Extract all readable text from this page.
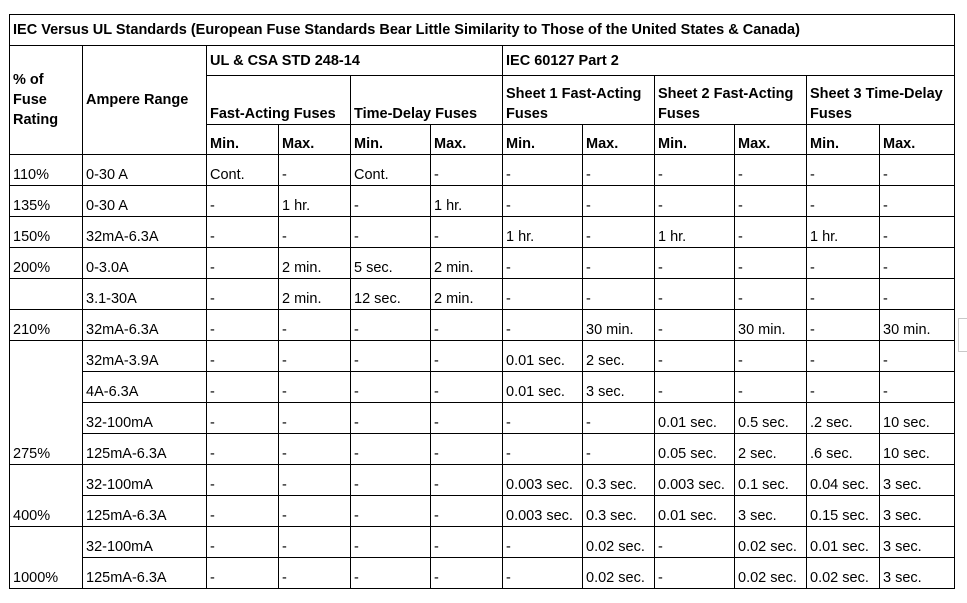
IEC Versus UL Standards (European Fuse Standards Bear Little Similarity to Those of the United States & Canada)											
% of Fuse Rating	Ampere Range	UL & CSA STD 248-14				IEC 60127 Part 2					
		Fast-Acting Fuses		Time-Delay Fuses		Sheet 1 Fast-Acting Fuses		Sheet 2 Fast-Acting Fuses		Sheet 3 Time-Delay Fuses	
		Min.	Max.	Min.	Max.	Min.	Max.	Min.	Max.	Min.	Max.
110%	0-30 A	Cont.	-	Cont.	-	-	-	-	-	-	-
135%	0-30 A	-	1 hr.	-	1 hr.	-	-	-	-	-	-
150%	32mA-6.3A	-	-	-	-	1 hr.	-	1 hr.	-	1 hr.	-
200%	0-3.0A	-	2 min.	5 sec.	2 min.	-	-	-	-	-	-
	3.1-30A	-	2 min.	12 sec.	2 min.	-	-	-	-	-	-
210%	32mA-6.3A	-	-	-	-	-	30 min.	-	30 min.	-	30 min.
275%	32mA-3.9A	-	-	-	-	0.01 sec.	2 sec.	-	-	-	-
	4A-6.3A	-	-	-	-	0.01 sec.	3 sec.	-	-	-	-
	32-100mA	-	-	-	-	-	-	0.01 sec.	0.5 sec.	.2 sec.	10 sec.
	125mA-6.3A	-	-	-	-	-	-	0.05 sec.	2 sec.	.6 sec.	10 sec.
400%	32-100mA	-	-	-	-	0.003 sec.	0.3 sec.	0.003 sec.	0.1 sec.	0.04 sec.	3 sec.
	125mA-6.3A	-	-	-	-	0.003 sec.	0.3 sec.	0.01 sec.	3 sec.	0.15 sec.	3 sec.
1000%	32-100mA	-	-	-	-	-	0.02 sec.	-	0.02 sec.	0.01 sec.	3 sec.
	125mA-6.3A	-	-	-	-	-	0.02 sec.	-	0.02 sec.	0.02 sec.	3 sec.
